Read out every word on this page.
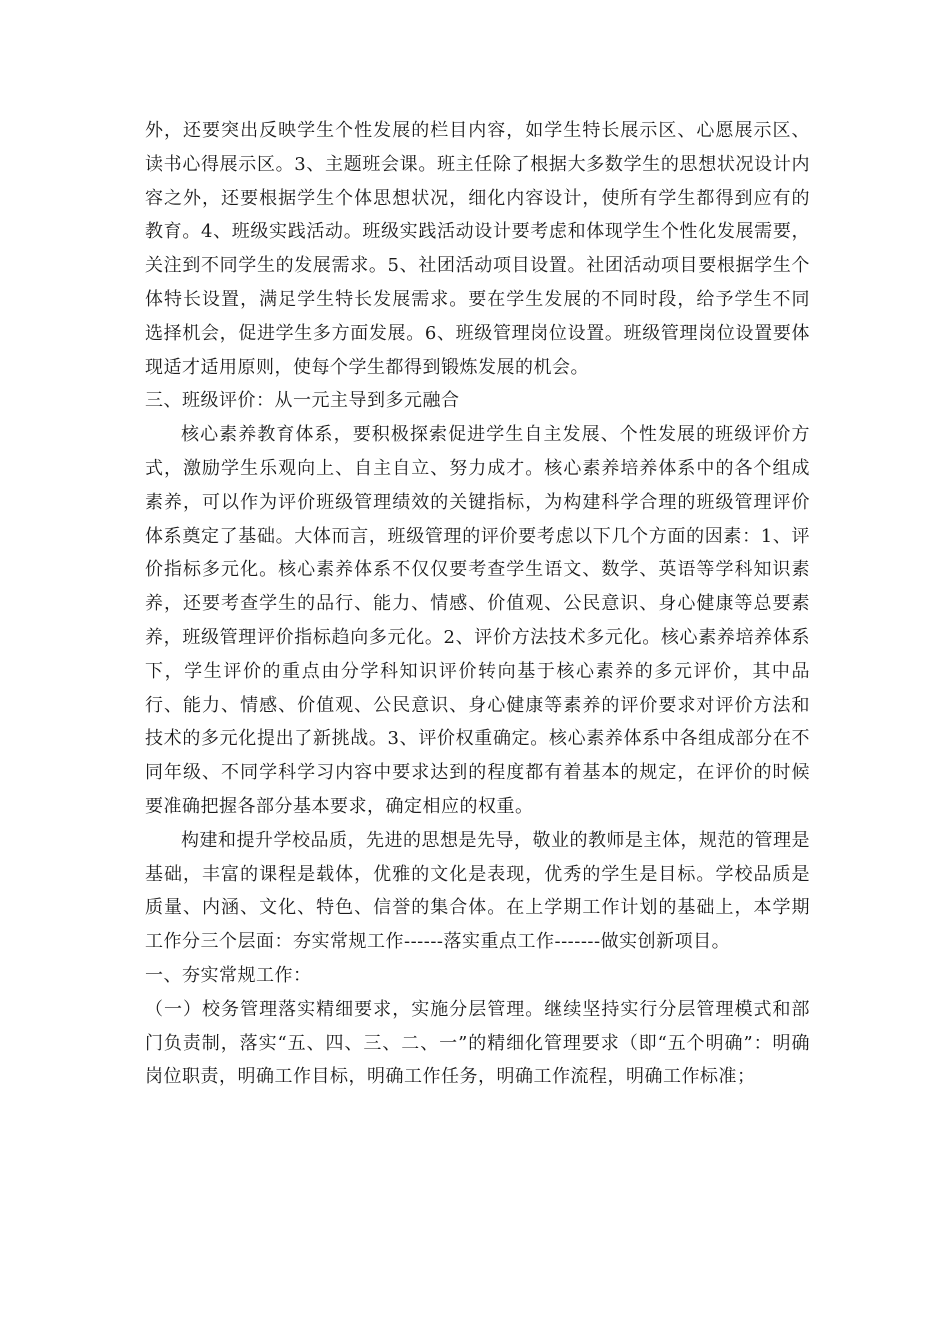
外，还要突出反映学生个性发展的栏目内容，如学生特长展示区、心愿展示区、读书心得展示区。3、主题班会课。班主任除了根据大多数学生的思想状况设计内容之外，还要根据学生个体思想状况，细化内容设计，使所有学生都得到应有的教育。4、班级实践活动。班级实践活动设计要考虑和体现学生个性化发展需要，关注到不同学生的发展需求。5、社团活动项目设置。社团活动项目要根据学生个体特长设置，满足学生特长发展需求。要在学生发展的不同时段，给予学生不同选择机会，促进学生多方面发展。6、班级管理岗位设置。班级管理岗位设置要体现适才适用原则，使每个学生都得到锻炼发展的机会。

三、班级评价：从一元主导到多元融合

核心素养教育体系，要积极探索促进学生自主发展、个性发展的班级评价方式，激励学生乐观向上、自主自立、努力成才。核心素养培养体系中的各个组成素养，可以作为评价班级管理绩效的关键指标，为构建科学合理的班级管理评价体系奠定了基础。大体而言，班级管理的评价要考虑以下几个方面的因素：1、评价指标多元化。核心素养体系不仅仅要考查学生语文、数学、英语等学科知识素养，还要考查学生的品行、能力、情感、价值观、公民意识、身心健康等总要素养，班级管理评价指标趋向多元化。2、评价方法技术多元化。核心素养培养体系下，学生评价的重点由分学科知识评价转向基于核心素养的多元评价，其中品行、能力、情感、价值观、公民意识、身心健康等素养的评价要求对评价方法和技术的多元化提出了新挑战。3、评价权重确定。核心素养体系中各组成部分在不同年级、不同学科学习内容中要求达到的程度都有着基本的规定，在评价的时候要准确把握各部分基本要求，确定相应的权重。

构建和提升学校品质，先进的思想是先导，敬业的教师是主体，规范的管理是基础，丰富的课程是载体，优雅的文化是表现，优秀的学生是目标。学校品质是质量、内涵、文化、特色、信誉的集合体。在上学期工作计划的基础上，本学期工作分三个层面：夯实常规工作------落实重点工作-------做实创新项目。

一、夯实常规工作：

（一）校务管理落实精细要求，实施分层管理。继续坚持实行分层管理模式和部门负责制，落实“五、四、三、二、一”的精细化管理要求（即“五个明确”：明确岗位职责，明确工作目标，明确工作任务，明确工作流程，明确工作标准；
